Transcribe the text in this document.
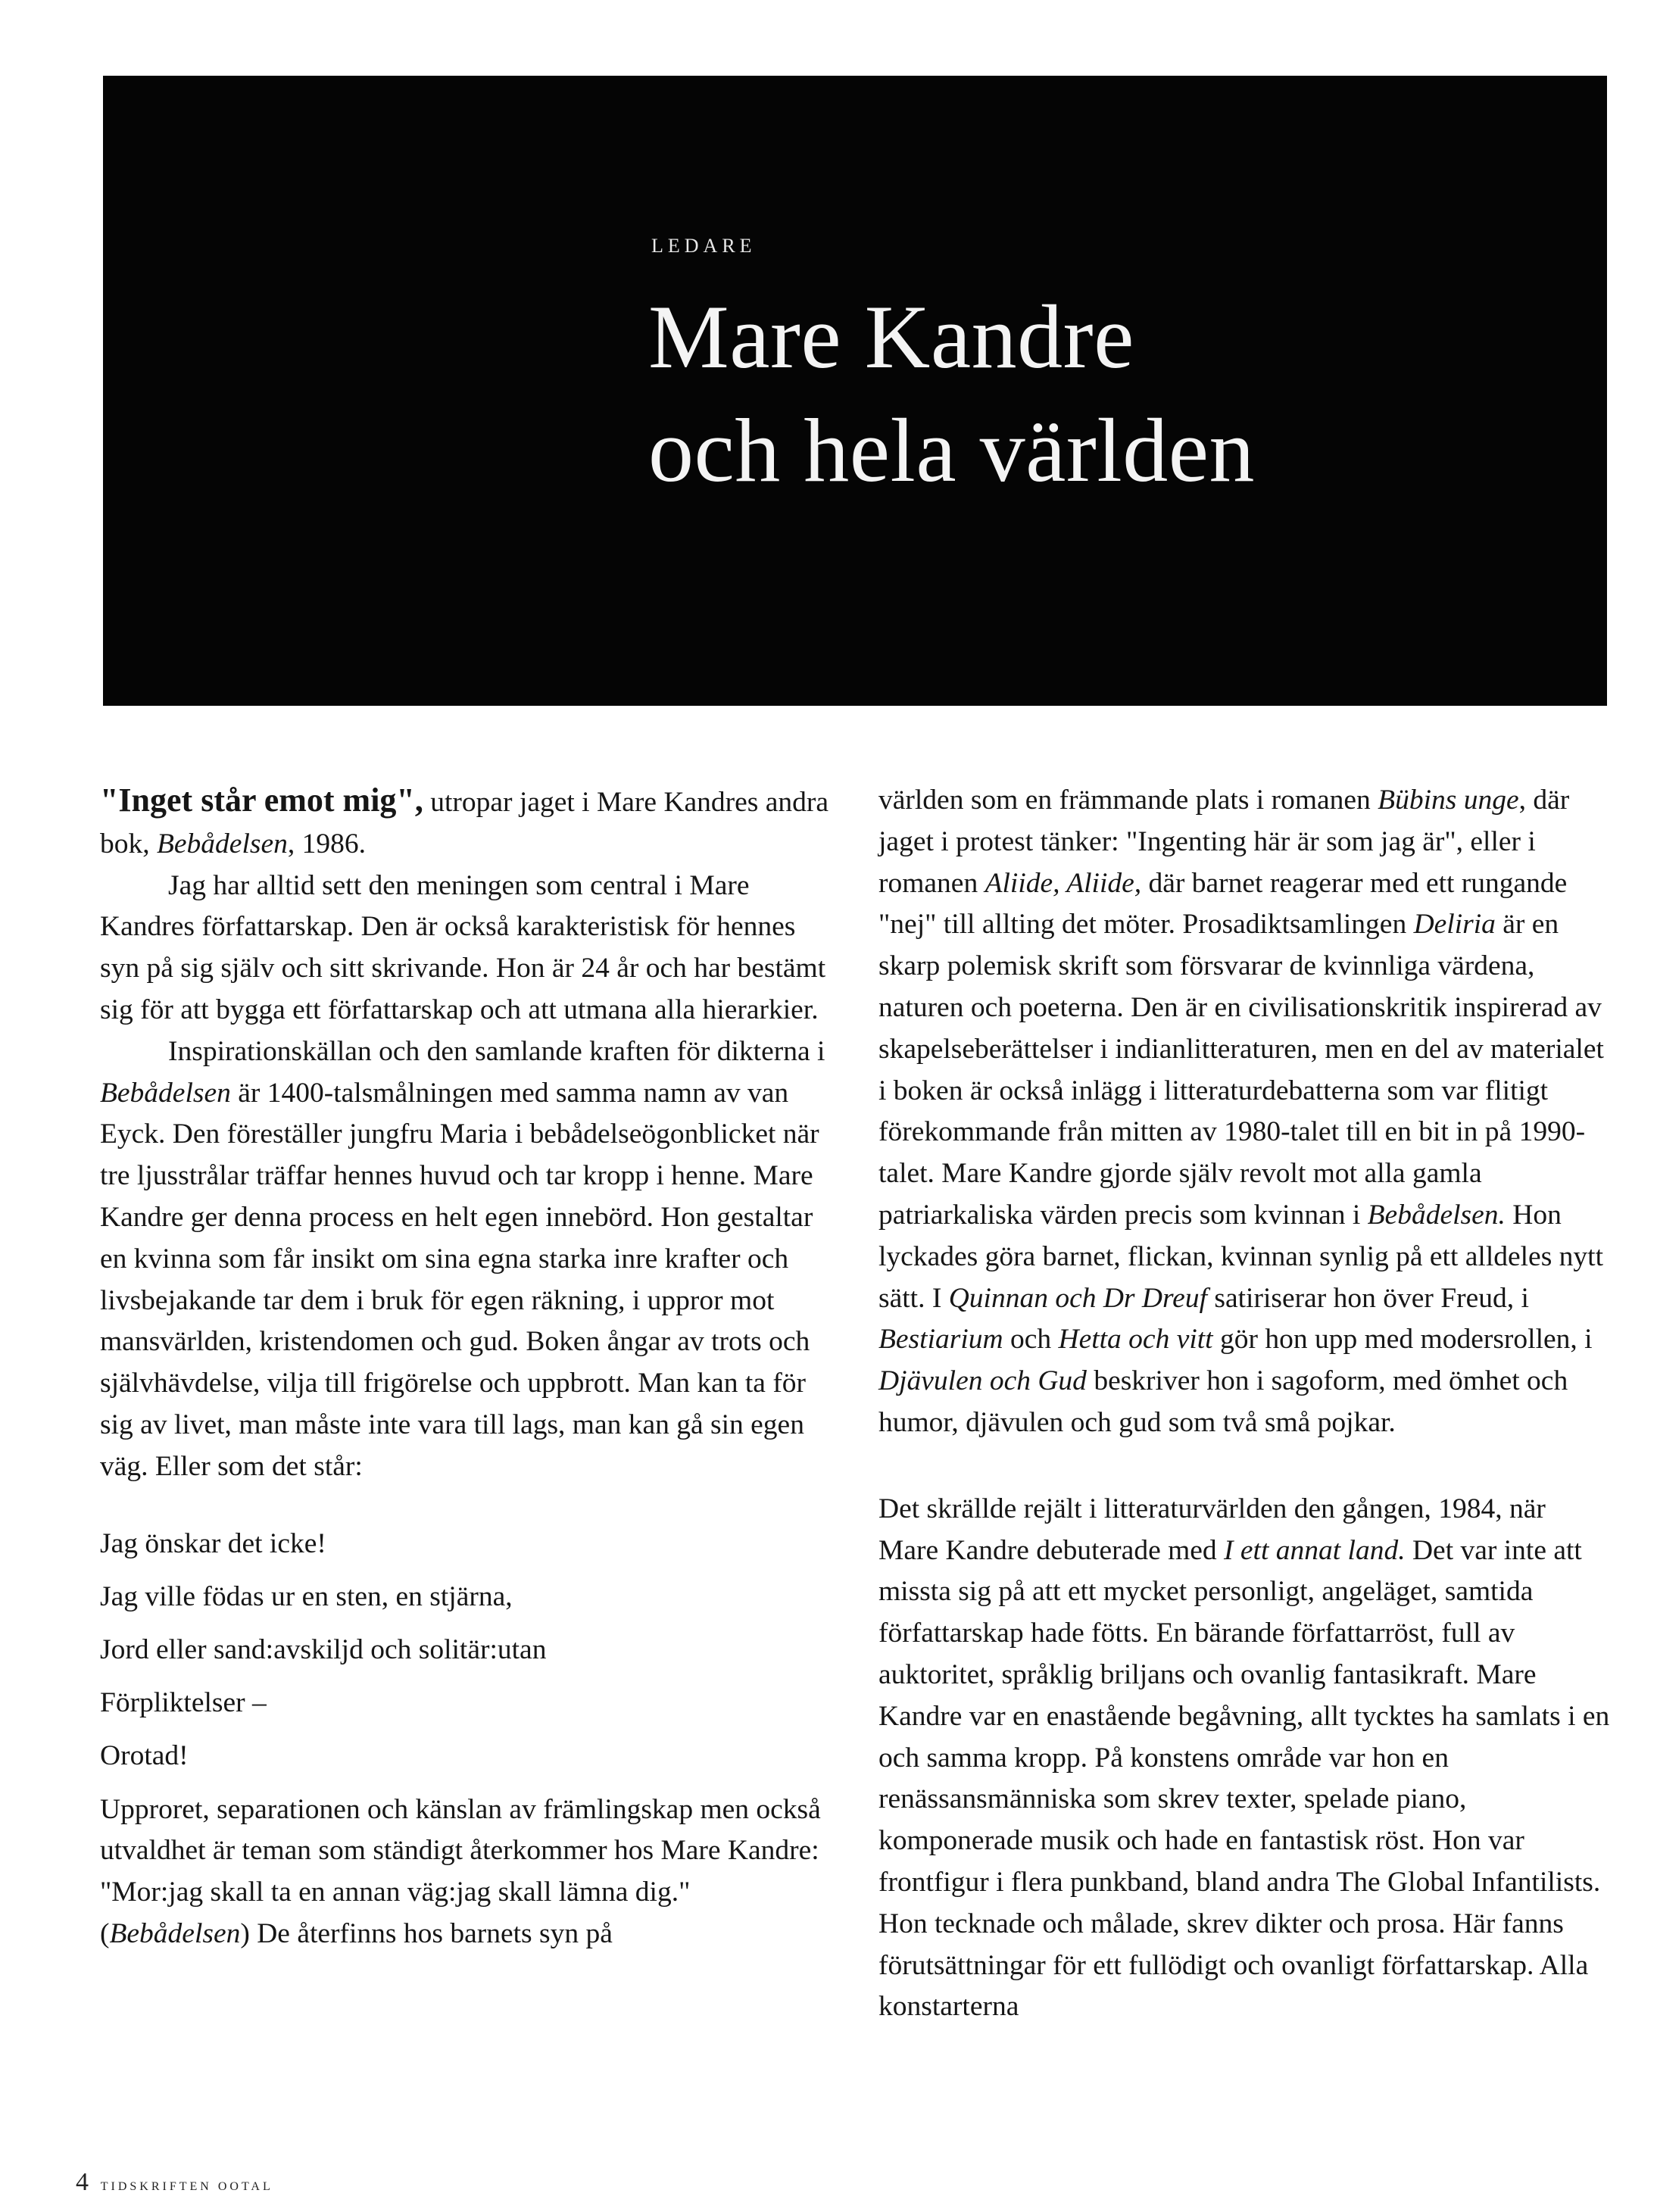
LEDARE
Mare Kandre
och hela världen

"Inget står emot mig", utropar jaget i Mare Kandres andra bok, Bebådelsen, 1986.

Jag har alltid sett den meningen som central i Mare Kandres författarskap. Den är också karakteristisk för hennes syn på sig själv och sitt skrivande. Hon är 24 år och har bestämt sig för att bygga ett författarskap och att utmana alla hierarkier.

Inspirationskällan och den samlande kraften för dikterna i Bebådelsen är 1400-talsmålningen med samma namn av van Eyck. Den föreställer jungfru Maria i bebådelseögonblicket när tre ljusstrålar träffar hennes huvud och tar kropp i henne. Mare Kandre ger denna process en helt egen innebörd. Hon gestaltar en kvinna som får insikt om sina egna starka inre krafter och livsbejakande tar dem i bruk för egen räkning, i uppror mot mansvärlden, kristendomen och gud. Boken ångar av trots och självhävdelse, vilja till frigörelse och uppbrott. Man kan ta för sig av livet, man måste inte vara till lags, man kan gå sin egen väg. Eller som det står:

Jag önskar det icke!
Jag ville födas ur en sten, en stjärna,
Jord eller sand:avskiljd och solitär:utan
Förpliktelser –
Orotad!

Upproret, separationen och känslan av främlingskap men också utvaldhet är teman som ständigt återkommer hos Mare Kandre: "Mor:jag skall ta en annan väg:jag skall lämna dig."(Bebådelsen) De återfinns hos barnets syn på

världen som en främmande plats i romanen Bübins unge, där jaget i protest tänker: "Ingenting här är som jag är", eller i romanen Aliide, Aliide, där barnet reagerar med ett rungande "nej" till allting det möter. Prosadiktsamlingen Deliria är en skarp polemisk skrift som försvarar de kvinnliga värdena, naturen och poeterna. Den är en civilisationskritik inspirerad av skapelseberättelser i indianlitteraturen, men en del av materialet i boken är också inlägg i litteraturdebatterna som var flitigt förekommande från mitten av 1980-talet till en bit in på 1990-talet. Mare Kandre gjorde själv revolt mot alla gamla patriarkaliska värden precis som kvinnan i Bebådelsen. Hon lyckades göra barnet, flickan, kvinnan synlig på ett alldeles nytt sätt. I Quinnan och Dr Dreuf satiriserar hon över Freud, i Bestiarium och Hetta och vitt gör hon upp med modersrollen, i Djävulen och Gud beskriver hon i sagoform, med ömhet och humor, djävulen och gud som två små pojkar.

Det skrällde rejält i litteraturvärlden den gången, 1984, när Mare Kandre debuterade med I ett annat land. Det var inte att missta sig på att ett mycket personligt, angeläget, samtida författarskap hade fötts. En bärande författarröst, full av auktoritet, språklig briljans och ovanlig fantasikraft. Mare Kandre var en enastående begåvning, allt tycktes ha samlats i en och samma kropp. På konstens område var hon en renässansmänniska som skrev texter, spelade piano, komponerade musik och hade en fantastisk röst. Hon var frontfigur i flera punkband, bland andra The Global Infantilists. Hon tecknade och målade, skrev dikter och prosa. Här fanns förutsättningar för ett fullödigt och ovanligt författarskap. Alla konstarterna

4 TIDSKRIFTEN OOTAL
